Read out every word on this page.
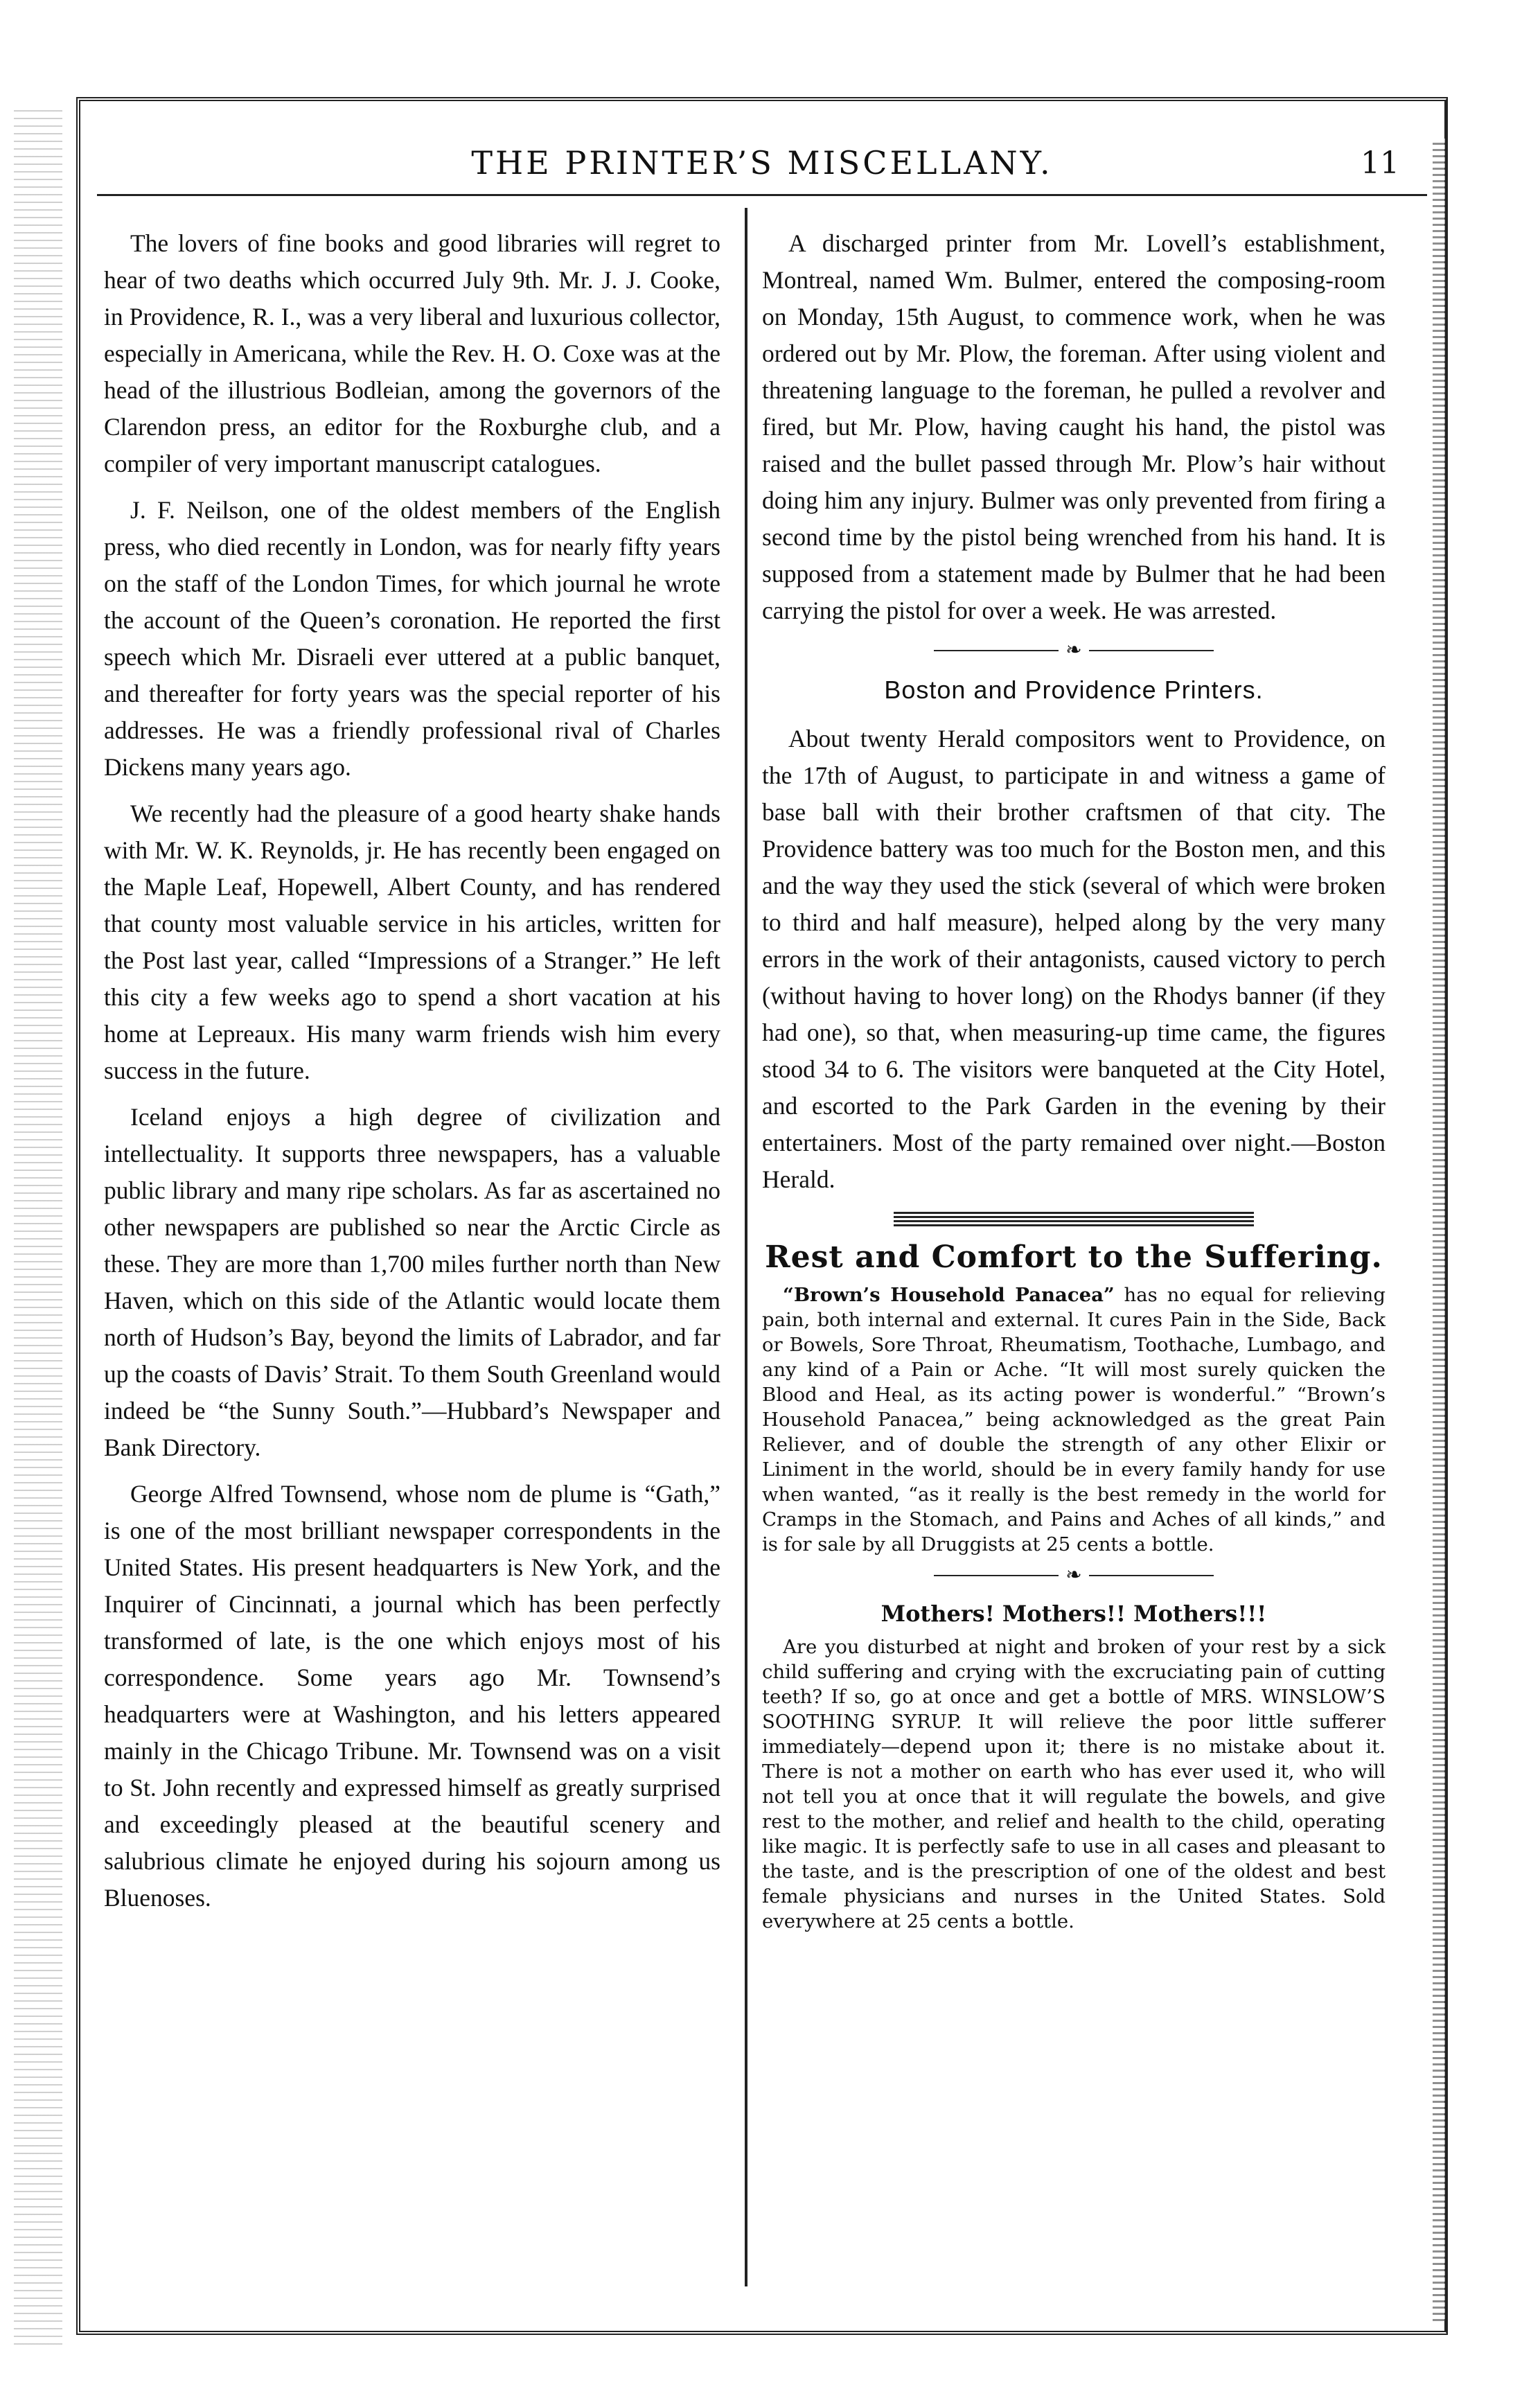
THE PRINTER’S MISCELLANY.	11

The lovers of fine books and good libraries will regret to hear of two deaths which occurred July 9th. Mr. J. J. Cooke, in Providence, R. I., was a very liberal and luxurious collector, especially in Americana, while the Rev. H. O. Coxe was at the head of the illustrious Bodleian, among the governors of the Clarendon press, an editor for the Roxburghe club, and a compiler of very important manuscript catalogues.

J. F. Neilson, one of the oldest members of the English press, who died recently in London, was for nearly fifty years on the staff of the London Times, for which journal he wrote the account of the Queen’s coronation. He reported the first speech which Mr. Disraeli ever uttered at a public banquet, and thereafter for forty years was the special reporter of his addresses. He was a friendly professional rival of Charles Dickens many years ago.

We recently had the pleasure of a good hearty shake hands with Mr. W. K. Reynolds, jr. He has recently been engaged on the Maple Leaf, Hopewell, Albert County, and has rendered that county most valuable service in his articles, written for the Post last year, called “Impressions of a Stranger.” He left this city a few weeks ago to spend a short vacation at his home at Lepreaux. His many warm friends wish him every success in the future.

Iceland enjoys a high degree of civilization and intellectuality. It supports three newspapers, has a valuable public library and many ripe scholars. As far as ascertained no other newspapers are published so near the Arctic Circle as these. They are more than 1,700 miles further north than New Haven, which on this side of the Atlantic would locate them north of Hudson’s Bay, beyond the limits of Labrador, and far up the coasts of Davis’ Strait. To them South Greenland would indeed be “the Sunny South.”—Hubbard’s Newspaper and Bank Directory.

George Alfred Townsend, whose nom de plume is “Gath,” is one of the most brilliant newspaper correspondents in the United States. His present headquarters is New York, and the Inquirer of Cincinnati, a journal which has been perfectly transformed of late, is the one which enjoys most of his correspondence. Some years ago Mr. Townsend’s headquarters were at Washington, and his letters appeared mainly in the Chicago Tribune. Mr. Townsend was on a visit to St. John recently and expressed himself as greatly surprised and exceedingly pleased at the beautiful scenery and salubrious climate he enjoyed during his sojourn among us Bluenoses.

A discharged printer from Mr. Lovell’s establishment, Montreal, named Wm. Bulmer, entered the composing-room on Monday, 15th August, to commence work, when he was ordered out by Mr. Plow, the foreman. After using violent and threatening language to the foreman, he pulled a revolver and fired, but Mr. Plow, having caught his hand, the pistol was raised and the bullet passed through Mr. Plow’s hair without doing him any injury. Bulmer was only prevented from firing a second time by the pistol being wrenched from his hand. It is supposed from a statement made by Bulmer that he had been carrying the pistol for over a week. He was arrested.

❧
Boston and Providence Printers.

About twenty Herald compositors went to Providence, on the 17th of August, to participate in and witness a game of base ball with their brother craftsmen of that city. The Providence battery was too much for the Boston men, and this and the way they used the stick (several of which were broken to third and half measure), helped along by the very many errors in the work of their antagonists, caused victory to perch (without having to hover long) on the Rhodys banner (if they had one), so that, when measuring-up time came, the figures stood 34 to 6. The visitors were banqueted at the City Hotel, and escorted to the Park Garden in the evening by their entertainers. Most of the party remained over night.—Boston Herald.

Rest and Comfort to the Suffering.

“Brown’s Household Panacea” has no equal for relieving pain, both internal and external. It cures Pain in the Side, Back or Bowels, Sore Throat, Rheumatism, Toothache, Lumbago, and any kind of a Pain or Ache. “It will most surely quicken the Blood and Heal, as its acting power is wonderful.” “Brown’s Household Panacea,” being acknowledged as the great Pain Reliever, and of double the strength of any other Elixir or Liniment in the world, should be in every family handy for use when wanted, “as it really is the best remedy in the world for Cramps in the Stomach, and Pains and Aches of all kinds,” and is for sale by all Druggists at 25 cents a bottle.

❧
Mothers! Mothers!! Mothers!!!

Are you disturbed at night and broken of your rest by a sick child suffering and crying with the excruciating pain of cutting teeth? If so, go at once and get a bottle of MRS. WINSLOW’S SOOTHING SYRUP. It will relieve the poor little sufferer immediately—depend upon it; there is no mistake about it. There is not a mother on earth who has ever used it, who will not tell you at once that it will regulate the bowels, and give rest to the mother, and relief and health to the child, operating like magic. It is perfectly safe to use in all cases and pleasant to the taste, and is the prescription of one of the oldest and best female physicians and nurses in the United States. Sold everywhere at 25 cents a bottle.
